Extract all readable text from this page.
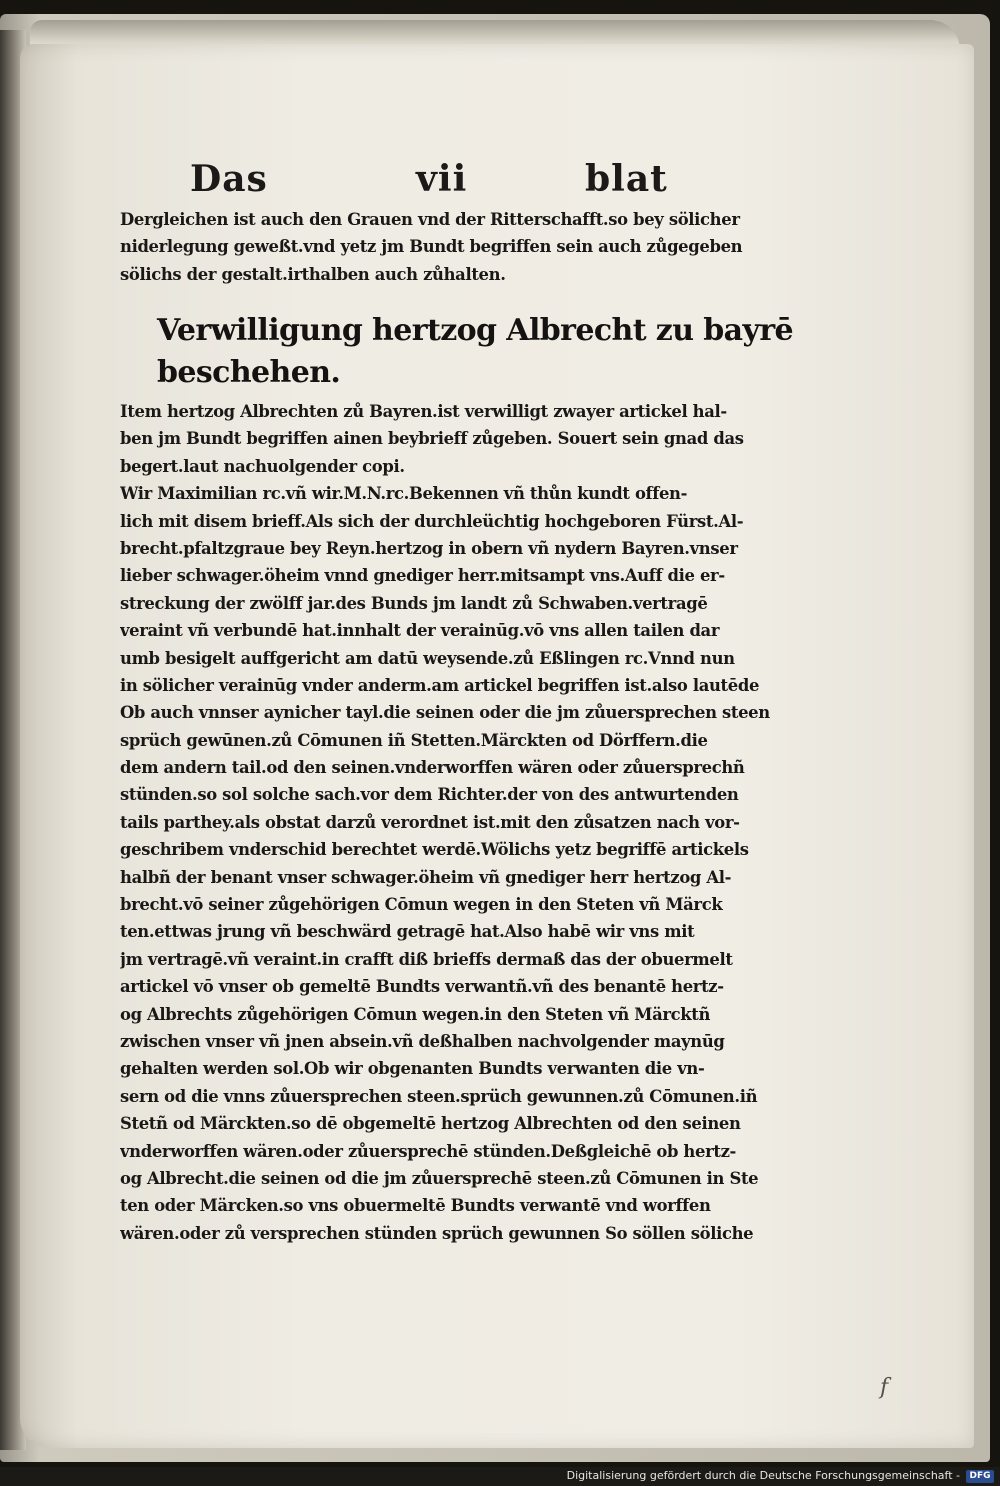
Das	vii	blat
Dergleichen ist auch den Grauen vnd der Ritterschafft.so bey sölicher
niderlegung geweßt.vnd yetz jm Bundt begriffen sein auch zůgegeben
sölichs der gestalt.irthalben auch zůhalten.
Verwilligung hertzog Albrecht zu bayrē
beschehen.
Item hertzog Albrechten zů Bayren.ist verwilligt zwayer artickel hal-
ben jm Bundt begriffen ainen beybrieff zůgeben. Souert sein gnad das
begert.laut nachuolgender copi.
Wir Maximilian rc.vñ wir.M.N.rc.Bekennen vñ thůn kundt offen-
lich mit disem brieff.Als sich der durchleüchtig hochgeboren Fürst.Al-
brecht.pfaltzgraue bey Reyn.hertzog in obern vñ nydern Bayren.vnser
lieber schwager.öheim vnnd gnediger herr.mitsampt vns.Auff die er-
streckung der zwölff jar.des Bunds jm landt zů Schwaben.vertragē
veraint vñ verbundē hat.innhalt der verainūg.vō vns allen tailen dar
umb besigelt auffgericht am datū weysende.zů Eßlingen rc.Vnnd nun
in sölicher verainūg vnder anderm.am artickel begriffen ist.also lautēde
Ob auch vnnser aynicher tayl.die seinen oder die jm zůuersprechen steen
sprüch gewūnen.zů Cōmunen iñ Stetten.Märckten od Dörffern.die
dem andern tail.od den seinen.vnderworffen wären oder zůuersprechñ
stünden.so sol solche sach.vor dem Richter.der von des antwurtenden
tails parthey.als obstat darzů verordnet ist.mit den zůsatzen nach vor-
geschribem vnderschid berechtet werdē.Wölichs yetz begriffē artickels
halbñ der benant vnser schwager.öheim vñ gnediger herr hertzog Al-
brecht.vō seiner zůgehörigen Cōmun wegen in den Steten vñ Märck
ten.ettwas jrung vñ beschwärd getragē hat.Also habē wir vns mit
jm vertragē.vñ veraint.in crafft diß brieffs dermaß das der obuermelt
artickel vō vnser ob gemeltē Bundts verwantñ.vñ des benantē hertz-
og Albrechts zůgehörigen Cōmun wegen.in den Steten vñ Märcktñ
zwischen vnser vñ jnen absein.vñ deßhalben nachvolgender maynūg
gehalten werden sol.Ob wir obgenanten Bundts verwanten die vn-
sern od die vnns zůuersprechen steen.sprüch gewunnen.zů Cōmunen.iñ
Stetñ od Märckten.so dē obgemeltē hertzog Albrechten od den seinen
vnderworffen wären.oder zůuersprechē stünden.Deßgleichē ob hertz-
og Albrecht.die seinen od die jm zůuersprechē steen.zů Cōmunen in Ste
ten oder Märcken.so vns obuermeltē Bundts verwantē vnd worffen
wären.oder zů versprechen stünden sprüch gewunnen So söllen söliche
f
Digitalisierung gefördert durch die Deutsche Forschungsgemeinschaft -	DFG
